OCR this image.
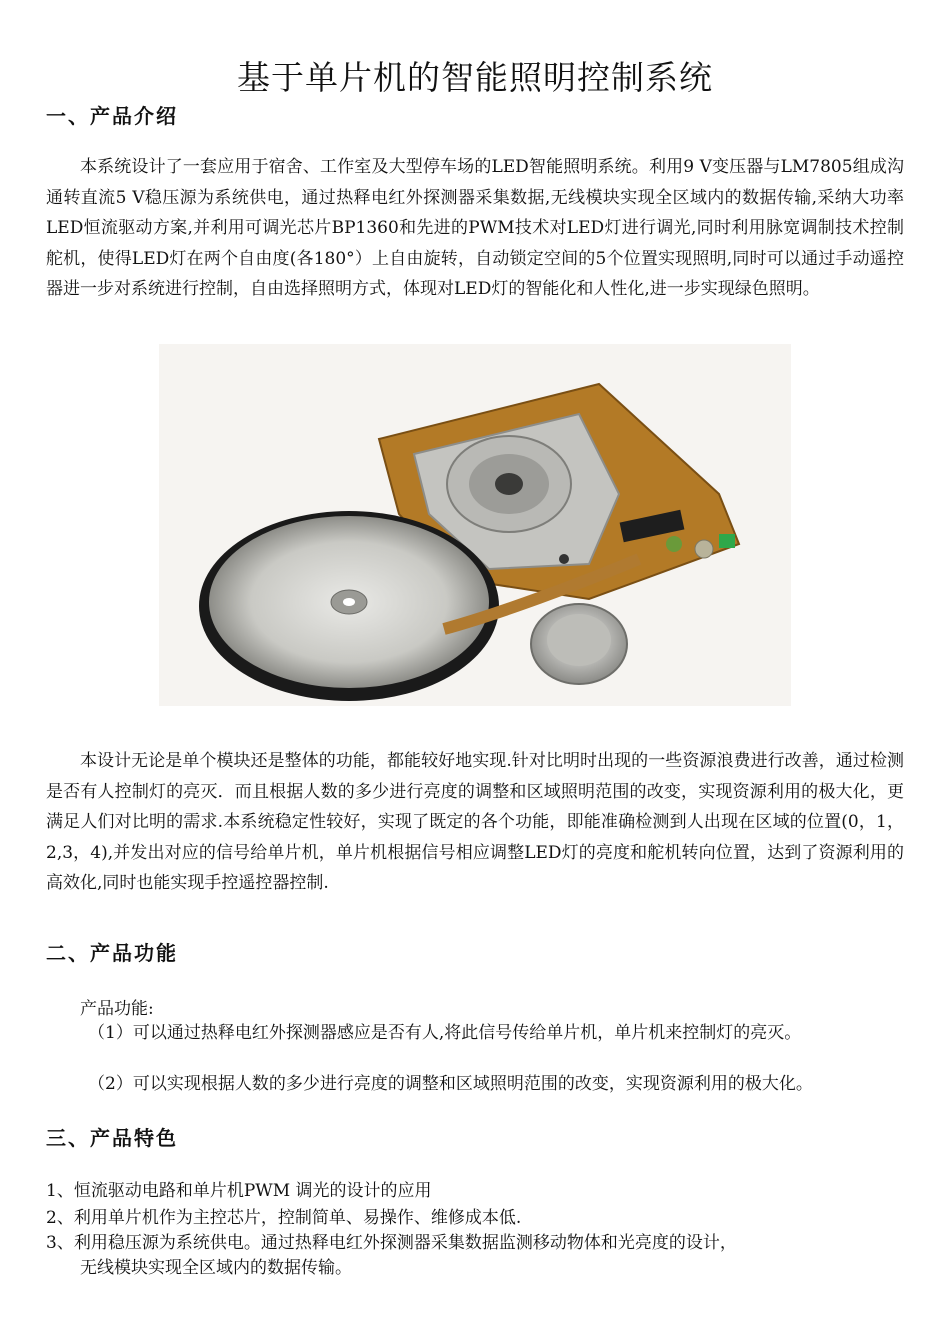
基于单片机的智能照明控制系统
一、产品介绍

本系统设计了一套应用于宿舍、工作室及大型停车场的LED智能照明系统。利用9 V变压器与LM7805组成沟通转直流5 V稳压源为系统供电，通过热释电红外探测器采集数据,无线模块实现全区域内的数据传输,采纳大功率LED恒流驱动方案,并利用可调光芯片BP1360和先进的PWM技术对LED灯进行调光,同时利用脉宽调制技术控制舵机，使得LED灯在两个自由度(各180°）上自由旋转，自动锁定空间的5个位置实现照明,同时可以通过手动遥控器进一步对系统进行控制，自由选择照明方式，体现对LED灯的智能化和人性化,进一步实现绿色照明。

本设计无论是单个模块还是整体的功能，都能较好地实现.针对比明时出现的一些资源浪费进行改善，通过检测是否有人控制灯的亮灭．而且根据人数的多少进行亮度的调整和区域照明范围的改变，实现资源利用的极大化，更满足人们对比明的需求.本系统稳定性较好，实现了既定的各个功能，即能准确检测到人出现在区域的位置(0，1，2,3，4),并发出对应的信号给单片机，单片机根据信号相应调整LED灯的亮度和舵机转向位置，达到了资源利用的高效化,同时也能实现手控遥控器控制.

二、产品功能

产品功能:

（1）可以通过热释电红外探测器感应是否有人,将此信号传给单片机，单片机来控制灯的亮灭。

（2）可以实现根据人数的多少进行亮度的调整和区域照明范围的改变，实现资源利用的极大化。

三、产品特色

1、恒流驱动电路和单片机PWM 调光的设计的应用

2、利用单片机作为主控芯片，控制简单、易操作、维修成本低.

3、利用稳压源为系统供电。通过热释电红外探测器采集数据监测移动物体和光亮度的设计，

无线模块实现全区域内的数据传输。
